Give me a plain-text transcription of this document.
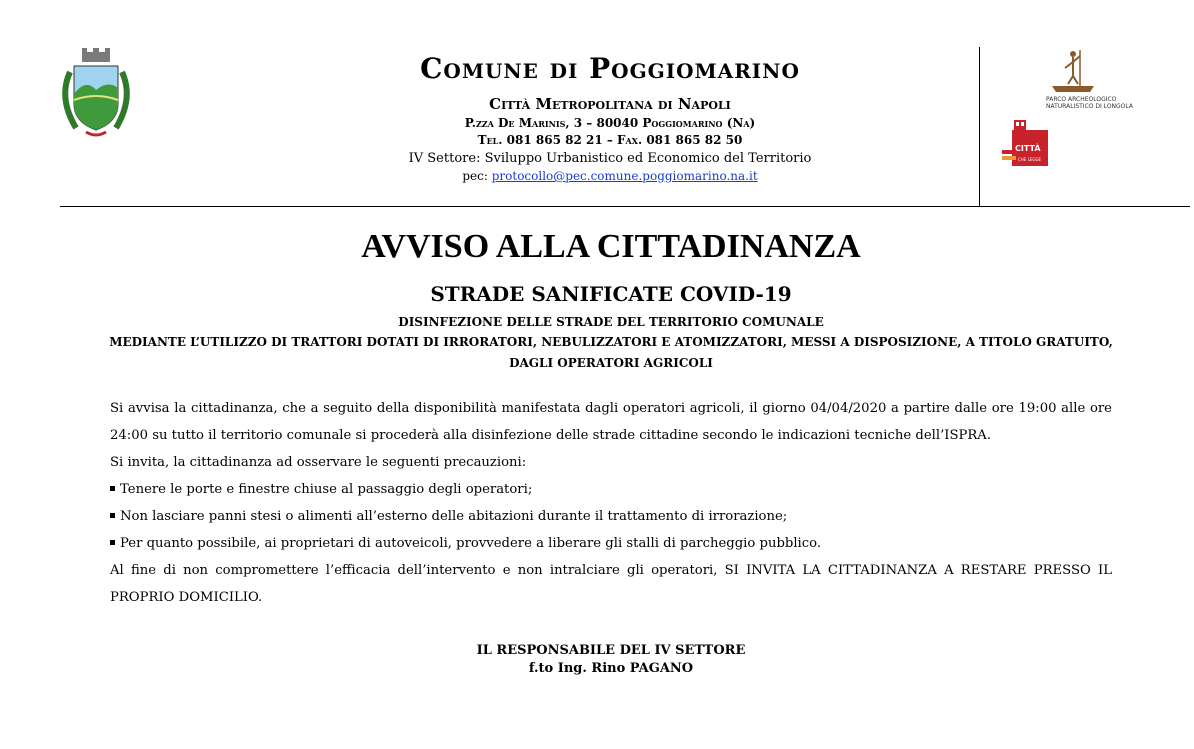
Comune di Poggiomarino
Città Metropolitana di Napoli
P.zza De Marinis, 3 – 80040 Poggiomarino (Na)
Tel. 081 865 82 21 – Fax. 081 865 82 50
IV Settore: Sviluppo Urbanistico ed Economico del Territorio
pec: protocollo@pec.comune.poggiomarino.na.it
PARCO ARCHEOLOGICO NATURALISTICO DI LONGOLA
CITTÀ
CHE LEGGE
AVVISO ALLA CITTADINANZA
STRADE SANIFICATE COVID-19
DISINFEZIONE DELLE STRADE DEL TERRITORIO COMUNALE
MEDIANTE L’UTILIZZO DI TRATTORI DOTATI DI IRRORATORI, NEBULIZZATORI E ATOMIZZATORI, MESSI A DISPOSIZIONE, A TITOLO GRATUITO,
DAGLI OPERATORI AGRICOLI
Si avvisa la cittadinanza, che a seguito della disponibilità manifestata dagli operatori agricoli, il giorno 04/04/2020 a partire dalle ore 19:00 alle ore 24:00 su tutto il territorio comunale si procederà alla disinfezione delle strade cittadine secondo le indicazioni tecniche dell’ISPRA.
Si invita, la cittadinanza ad osservare le seguenti precauzioni:
Tenere le porte e finestre chiuse al passaggio degli operatori;
Non lasciare panni stesi o alimenti all’esterno delle abitazioni durante il trattamento di irrorazione;
Per quanto possibile, ai proprietari di autoveicoli, provvedere a liberare gli stalli di parcheggio pubblico.
Al fine di non compromettere l’efficacia dell’intervento e non intralciare gli operatori, SI INVITA LA CITTADINANZA A RESTARE PRESSO IL PROPRIO DOMICILIO.
IL RESPONSABILE DEL IV SETTORE
f.to Ing. Rino PAGANO
